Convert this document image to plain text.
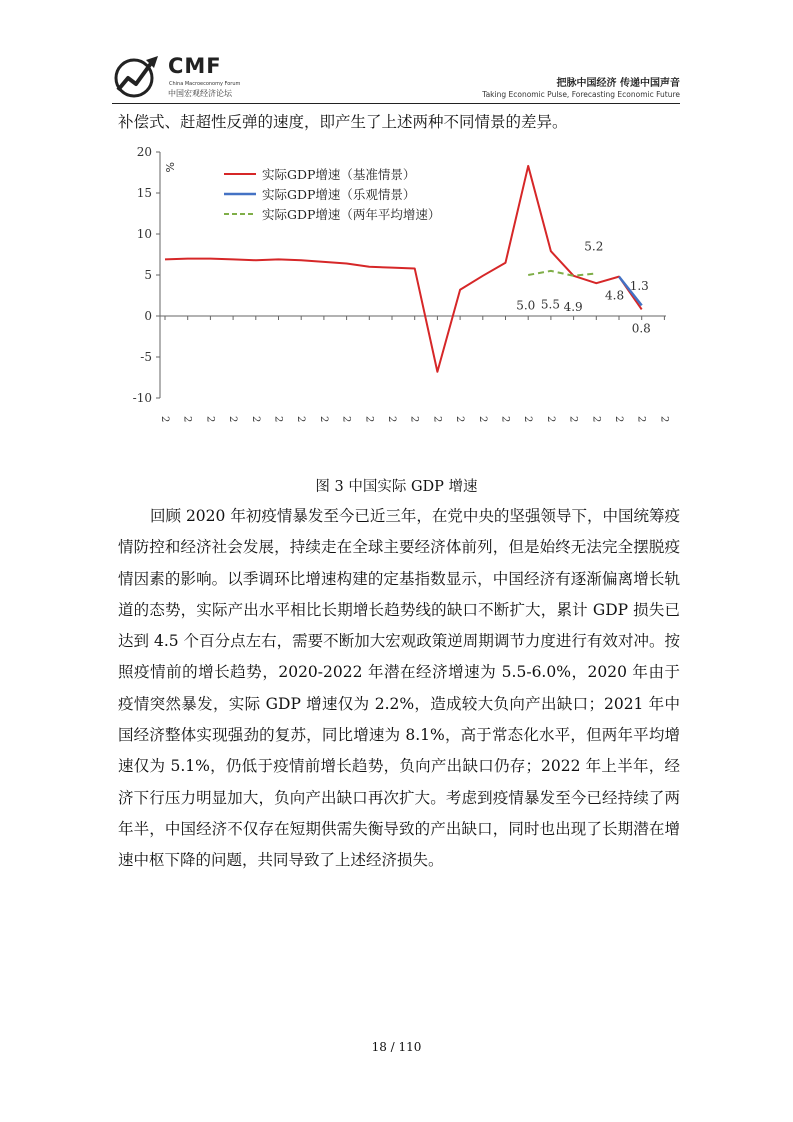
CMF
China Macroeconomy Forum
中国宏观经济论坛
把脉中国经济 传递中国声音
Taking Economic Pulse, Forecasting Economic Future
补偿式、赶超性反弹的速度，即产生了上述两种不同情景的差异。
-10
-5
0
5
10
15
20
%
2 2 2 2 2 2 2 2 2 2 2 2 2 2 2 2 2 2 2 2 2 2 2
实际GDP增速（基准情景）
实际GDP增速（乐观情景）
实际GDP增速（两年平均增速）
5.0 5.5 4.9
5.2
4.8
1.3
0.8
图 3 中国实际 GDP 增速

回顾 2020 年初疫情暴发至今已近三年，在党中央的坚强领导下，中国统筹疫情防控和经济社会发展，持续走在全球主要经济体前列，但是始终无法完全摆脱疫情因素的影响。以季调环比增速构建的定基指数显示，中国经济有逐渐偏离增长轨道的态势，实际产出水平相比长期增长趋势线的缺口不断扩大，累计 GDP 损失已达到 4.5 个百分点左右，需要不断加大宏观政策逆周期调节力度进行有效对冲。按照疫情前的增长趋势，2020-2022 年潜在经济增速为 5.5-6.0%，2020 年由于疫情突然暴发，实际 GDP 增速仅为 2.2%，造成较大负向产出缺口；2021 年中国经济整体实现强劲的复苏，同比增速为 8.1%，高于常态化水平，但两年平均增速仅为 5.1%，仍低于疫情前增长趋势，负向产出缺口仍存；2022 年上半年，经济下行压力明显加大，负向产出缺口再次扩大。考虑到疫情暴发至今已经持续了两年半，中国经济不仅存在短期供需失衡导致的产出缺口，同时也出现了长期潜在增速中枢下降的问题，共同导致了上述经济损失。

18 / 110
